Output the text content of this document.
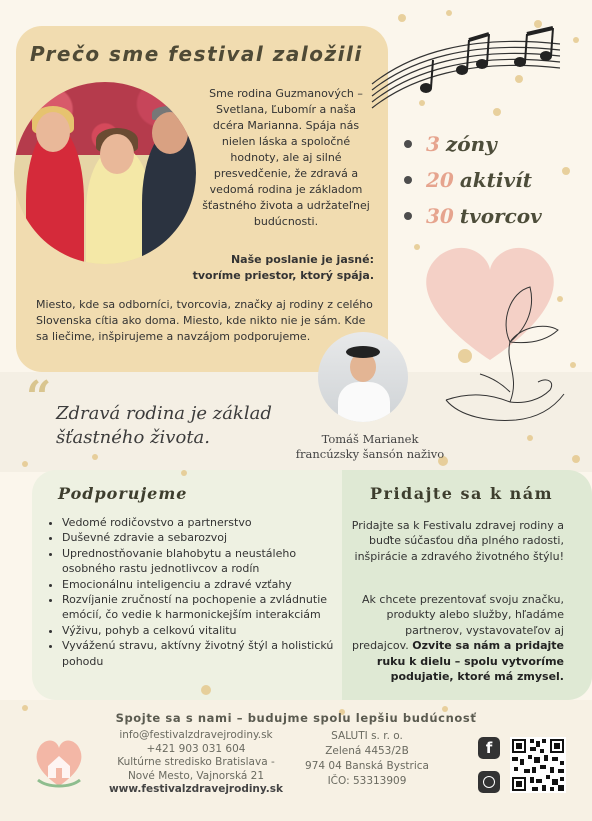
Prečo sme festival založili
Sme rodina Guzmanových – Svetlana, Ľubomír a naša dcéra Marianna. Spája nás nielen láska a spoločné hodnoty, ale aj silné presvedčenie, že zdravá a vedomá rodina je základom šťastného života a udržateľnej budúcnosti.
Naše poslanie je jasné:
tvoríme priestor, ktorý spája.
Miesto, kde sa odborníci, tvorcovia, značky aj rodiny z celého Slovenska cítia ako doma. Miesto, kde nikto nie je sám. Kde sa liečime, inšpirujeme a navzájom podporujeme.
3 zóny
20 aktivít
30 tvorcov
“ Zdravá rodina je základ šťastného života.	Tomáš Marianek
francúzsky šansón naživo
Podporujeme
• Vedomé rodičovstvo a partnerstvo
• Duševné zdravie a sebarozvoj
• Uprednostňovanie blahobytu a neustáleho osobného rastu jednotlivcov a rodín
• Emocionálnu inteligenciu a zdravé vzťahy
• Rozvíjanie zručností na pochopenie a zvládnutie emócií, čo vedie k harmonickejším interakciám
• Výživu, pohyb a celkovú vitalitu
• Vyváženú stravu, aktívny životný štýl a holistickú pohodu
Pridajte sa k nám
Pridajte sa k Festivalu zdravej rodiny a buďte súčasťou dňa plného radosti, inšpirácie a zdravého životného štýlu!
Ak chcete prezentovať svoju značku, produkty alebo služby, hľadáme partnerov, vystavovateľov aj predajcov. Ozvite sa nám a pridajte ruku k dielu – spolu vytvoríme podujatie, ktoré má zmysel.
Spojte sa s nami – budujme spolu lepšiu budúcnosť
info@festivalzdravejrodiny.sk
+421 903 031 604
Kultúrne stredisko Bratislava -
Nové Mesto, Vajnorská 21
www.festivalzdravejrodiny.sk
SALUTI s. r. o.
Zelená 4453/2B
974 04 Banská Bystrica
IČO: 53313909
f
